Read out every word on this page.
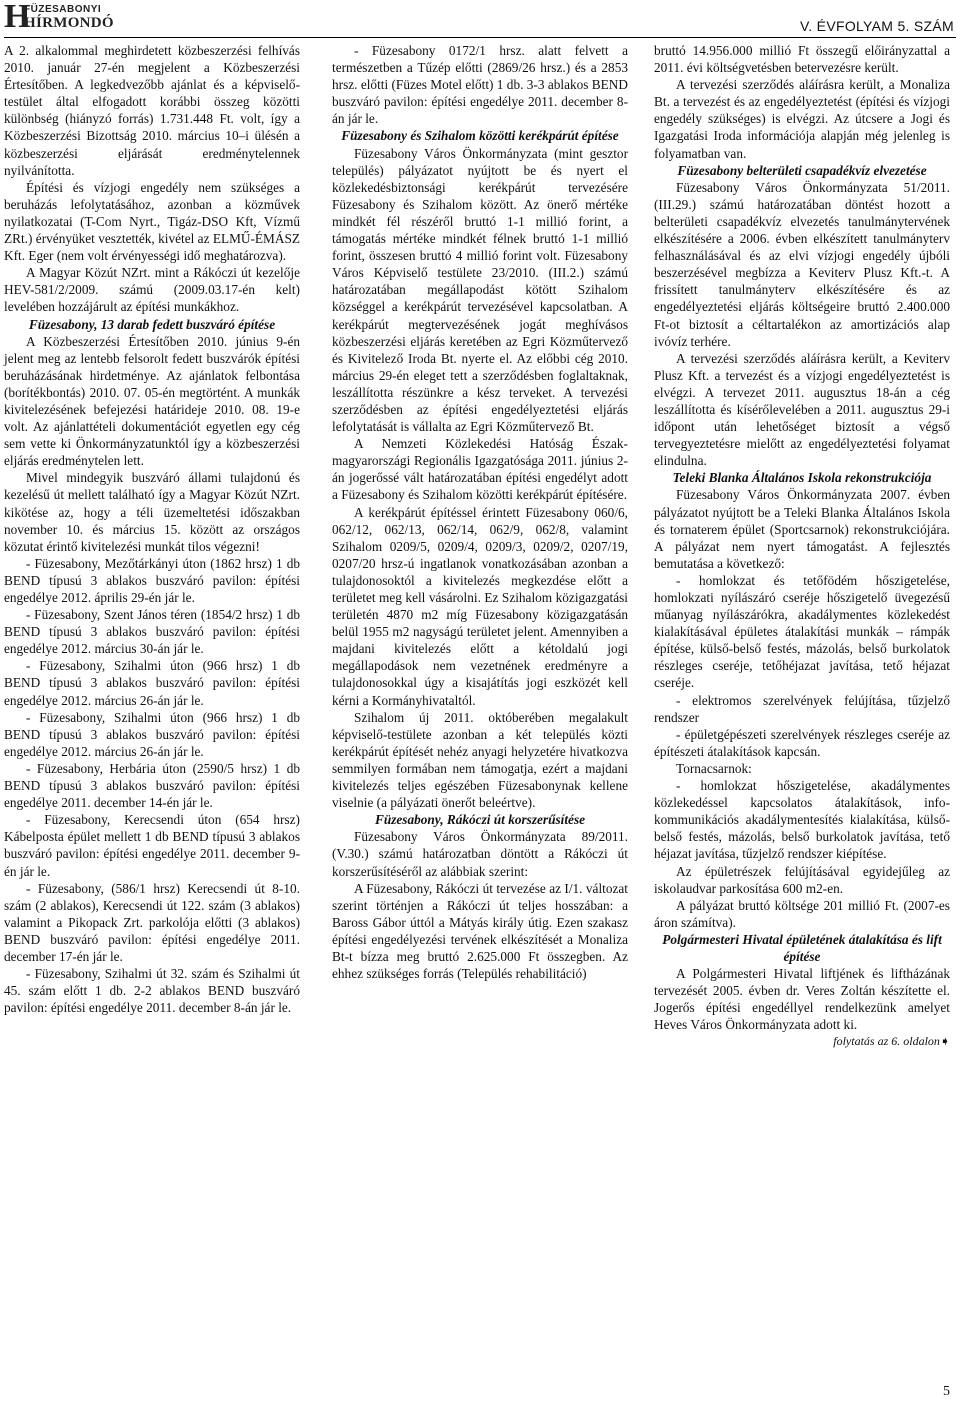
H
FÜZESABONYI
HÍRMONDÓ	V. ÉVFOLYAM 5. SZÁM

A 2. alkalommal meghirdetett közbeszerzési felhívás 2010. január 27-én megjelent a Közbeszerzési Értesítőben. A legkedvezőbb ajánlat és a képviselő-testület által elfogadott korábbi összeg közötti különbség (hiányzó forrás) 1.731.448 Ft. volt, így a Közbeszerzési Bizottság 2010. március 10–i ülésén a közbeszerzési eljárását eredménytelennek nyilvánította.

Építési és vízjogi engedély nem szükséges a beruházás lefolytatásához, azonban a közművek nyilatkozatai (T-Com Nyrt., Tigáz-DSO Kft, Vízmű ZRt.) érvényüket vesztették, kivétel az ELMŰ-ÉMÁSZ Kft. Eger (nem volt érvényességi idő meghatározva).

A Magyar Közút NZrt. mint a Rákóczi út kezelője HEV-581/2/2009. számú (2009.03.17-én kelt) levelében hozzájárult az építési munkákhoz.

Füzesabony, 13 darab fedett buszváró építése

A Közbeszerzési Értesítőben 2010. június 9-én jelent meg az lentebb felsorolt fedett buszvárók építési beruházásának hirdetménye. Az ajánlatok felbontása (borítékbontás) 2010. 07. 05-én megtörtént. A munkák kivitelezésének befejezési határideje 2010. 08. 19-e volt. Az ajánlattételi dokumentációt egyetlen egy cég sem vette ki Önkormányzatunktól így a közbeszerzési eljárás eredménytelen lett.

Mivel mindegyik buszváró állami tulajdonú és kezelésű út mellett található így a Magyar Közút NZrt. kikötése az, hogy a téli üzemeltetési időszakban november 10. és március 15. között az országos közutat érintő kivitelezési munkát tilos végezni!

- Füzesabony, Mezőtárkányi úton (1862 hrsz) 1 db BEND típusú 3 ablakos buszváró pavilon: építési engedélye 2012. április 29-én jár le.

- Füzesabony, Szent János téren (1854/2 hrsz) 1 db BEND típusú 3 ablakos buszváró pavilon: építési engedélye 2012. március 30-án jár le.

- Füzesabony, Szihalmi úton (966 hrsz) 1 db BEND típusú 3 ablakos buszváró pavilon: építési engedélye 2012. március 26-án jár le.

- Füzesabony, Szihalmi úton (966 hrsz) 1 db BEND típusú 3 ablakos buszváró pavilon: építési engedélye 2012. március 26-án jár le.

- Füzesabony, Herbária úton (2590/5 hrsz) 1 db BEND típusú 3 ablakos buszváró pavilon: építési engedélye 2011. december 14-én jár le.

- Füzesabony, Kerecsendi úton (654 hrsz) Kábelposta épület mellett 1 db BEND típusú 3 ablakos buszváró pavilon: építési engedélye 2011. december 9-én jár le.

- Füzesabony, (586/1 hrsz) Kerecsendi út 8-10. szám (2 ablakos), Kerecsendi út 122. szám (3 ablakos) valamint a Pikopack Zrt. parkolója előtti (3 ablakos) BEND buszváró pavilon: építési engedélye 2011. december 17-én jár le.

- Füzesabony, Szihalmi út 32. szám és Szihalmi út 45. szám előtt 1 db. 2-2 ablakos BEND buszváró pavilon: építési engedélye 2011. december 8-án jár le.

- Füzesabony 0172/1 hrsz. alatt felvett a természetben a Tűzép előtti (2869/26 hrsz.) és a 2853 hrsz. előtti (Füzes Motel előtt) 1 db. 3-3 ablakos BEND buszváró pavilon: építési engedélye 2011. december 8-án jár le.

Füzesabony és Szihalom közötti kerékpárút építése

Füzesabony Város Önkormányzata (mint gesztor település) pályázatot nyújtott be és nyert el közlekedésbiztonsági kerékpárút tervezésére Füzesabony és Szihalom között. Az önerő mértéke mindkét fél részéről bruttó 1-1 millió forint, a támogatás mértéke mindkét félnek bruttó 1-1 millió forint, összesen bruttó 4 millió forint volt. Füzesabony Város Képviselő testülete 23/2010. (III.2.) számú határozatában megállapodást kötött Szihalom községgel a kerékpárút tervezésével kapcsolatban. A kerékpárút megtervezésének jogát meghívásos közbeszerzési eljárás keretében az Egri Közműtervező és Kivitelező Iroda Bt. nyerte el. Az előbbi cég 2010. március 29-én eleget tett a szerződésben foglaltaknak, leszállította részünkre a kész terveket. A tervezési szerződésben az építési engedélyeztetési eljárás lefolytatását is vállalta az Egri Közműtervező Bt.

A Nemzeti Közlekedési Hatóság Észak-magyarországi Regionális Igazgatósága 2011. június 2-án jogerőssé vált határozatában építési engedélyt adott a Füzesabony és Szihalom közötti kerékpárút építésére.

A kerékpárút építéssel érintett Füzesabony 060/6, 062/12, 062/13, 062/14, 062/9, 062/8, valamint Szihalom 0209/5, 0209/4, 0209/3, 0209/2, 0207/19, 0207/20 hrsz-ú ingatlanok vonatkozásában azonban a tulajdonosoktól a kivitelezés megkezdése előtt a területet meg kell vásárolni. Ez Szihalom közigazgatási területén 4870 m2 míg Füzesabony közigazgatásán belül 1955 m2 nagyságú területet jelent. Amennyiben a majdani kivitelezés előtt a kétoldalú jogi megállapodások nem vezetnének eredményre a tulajdonosokkal úgy a kisajátítás jogi eszközét kell kérni a Kormányhivataltól.

Szihalom új 2011. októberében megalakult képviselő-testülete azonban a két település közti kerékpárút építését nehéz anyagi helyzetére hivatkozva semmilyen formában nem támogatja, ezért a majdani kivitelezés teljes egészében Füzesabonynak kellene viselnie (a pályázati önerőt beleértve).

Füzesabony, Rákóczi út korszerűsítése

Füzesabony Város Önkormányzata 89/2011. (V.30.) számú határozatban döntött a Rákóczi út korszerűsítéséről az alábbiak szerint:

A Füzesabony, Rákóczi út tervezése az I/1. változat szerint történjen a Rákóczi út teljes hosszában: a Baross Gábor úttól a Mátyás király útig. Ezen szakasz építési engedélyezési tervének elkészítését a Monaliza Bt-t bízza meg bruttó 2.625.000 Ft összegben. Az ehhez szükséges forrás (Település rehabilitáció)

bruttó 14.956.000 millió Ft összegű előirányzattal a 2011. évi költségvetésben betervezésre került.

A tervezési szerződés aláírásra került, a Monaliza Bt. a tervezést és az engedélyeztetést (építési és vízjogi engedély szükséges) is elvégzi. Az útcsere a Jogi és Igazgatási Iroda információja alapján még jelenleg is folyamatban van.

Füzesabony belterületi csapadékvíz elvezetése

Füzesabony Város Önkormányzata 51/2011. (III.29.) számú határozatában döntést hozott a belterületi csapadékvíz elvezetés tanulmánytervének elkészítésére a 2006. évben elkészített tanulmányterv felhasználásával és az elvi vízjogi engedély újbóli beszerzésével megbízza a Keviterv Plusz Kft.-t. A frissített tanulmányterv elkészítésére és az engedélyeztetési eljárás költségeire bruttó 2.400.000 Ft-ot biztosít a céltartalékon az amortizációs alap ivóvíz terhére.

A tervezési szerződés aláírásra került, a Keviterv Plusz Kft. a tervezést és a vízjogi engedélyeztetést is elvégzi. A tervezet 2011. augusztus 18-án a cég leszállította és kísérőlevelében a 2011. augusztus 29-i időpont után lehetőséget biztosít a végső tervegyeztetésre mielőtt az engedélyeztetési folyamat elindulna.

Teleki Blanka Általános Iskola rekonstrukciója

Füzesabony Város Önkormányzata 2007. évben pályázatot nyújtott be a Teleki Blanka Általános Iskola és tornaterem épület (Sportcsarnok) rekonstrukciójára. A pályázat nem nyert támogatást. A fejlesztés bemutatása a következő:

- homlokzat és tetőfödém hőszigetelése, homlokzati nyílászáró cseréje hőszigetelő üvegezésű műanyag nyílászárókra, akadálymentes közlekedést kialakításával épületes átalakítási munkák – rámpák építése, külső-belső festés, mázolás, belső burkolatok részleges cseréje, tetőhéjazat javítása, tető héjazat cseréje.

- elektromos szerelvények felújítása, tűzjelző rendszer

- épületgépészeti szerelvények részleges cseréje az építészeti átalakítások kapcsán.

Tornacsarnok:

- homlokzat hőszigetelése, akadálymentes közlekedéssel kapcsolatos átalakítások, info-kommunikációs akadálymentesítés kialakítása, külső-belső festés, mázolás, belső burkolatok javítása, tető héjazat javítása, tűzjelző rendszer kiépítése.

Az épületrészek felújításával egyidejűleg az iskolaudvar parkosítása 600 m2-en.

A pályázat bruttó költsége 201 millió Ft. (2007-es áron számítva).

Polgármesteri Hivatal épületének átalakítása és lift építése

A Polgármesteri Hivatal liftjének és liftházának tervezését 2005. évben dr. Veres Zoltán készítette el. Jogerős építési engedéllyel rendelkezünk amelyet Heves Város Önkormányzata adott ki.

folytatás az 6. oldalon➧
5
